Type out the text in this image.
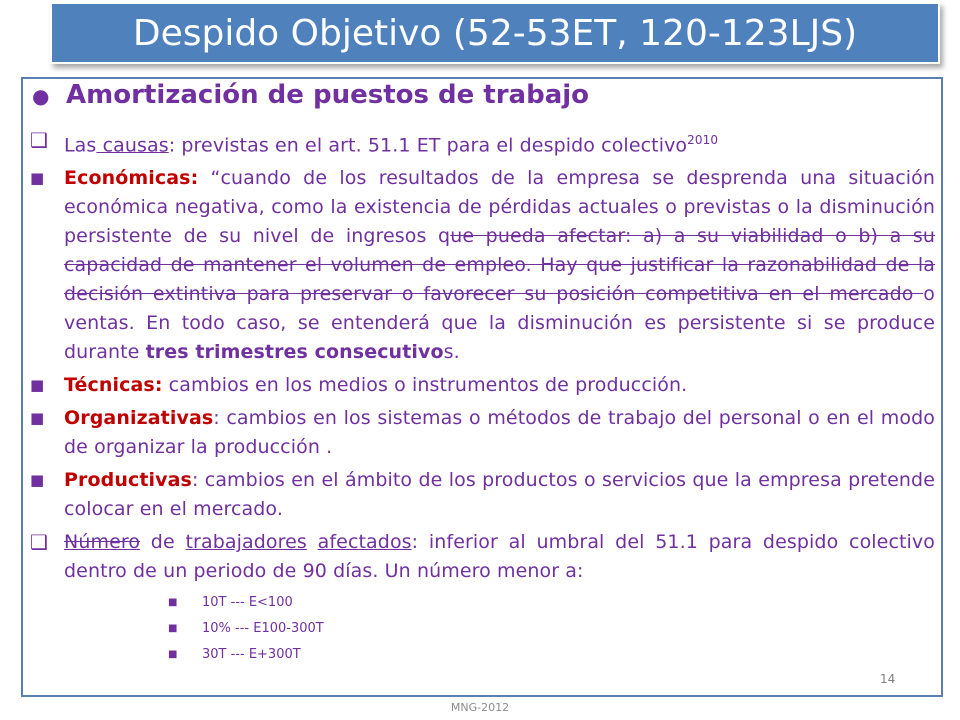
Despido Objetivo (52-53ET, 120-123LJS)
● Amortización de puestos de trabajo
❑ Las causas: previstas en el art. 51.1 ET para el despido colectivo$^{2010}$
■	Económicas: “cuando de los resultados de la empresa se desprenda una situación económica negativa, como la existencia de pérdidas actuales o previstas o la disminución persistente de su nivel de ingresos que pueda afectar: a) a su viabilidad o b) a su capacidad de mantener el volumen de empleo. Hay que justificar la razonabilidad de la decisión extintiva para preservar o favorecer su posición competitiva en el mercado o ventas. En todo caso, se entenderá que la disminución es persistente si se produce durante tres trimestres consecutivos.
■	Técnicas: cambios en los medios o instrumentos de producción.
■	Organizativas: cambios en los sistemas o métodos de trabajo del personal o en el modo de organizar la producción .
■	Productivas: cambios en el ámbito de los productos o servicios que la empresa pretende colocar en el mercado.
❑ Número de trabajadores afectados: inferior al umbral del 51.1 para despido colectivo dentro de un periodo de 90 días. Un número menor a:
■	10T --- E<100
■	10% --- E100-300T
■	30T --- E+300T
14
MNG-2012
